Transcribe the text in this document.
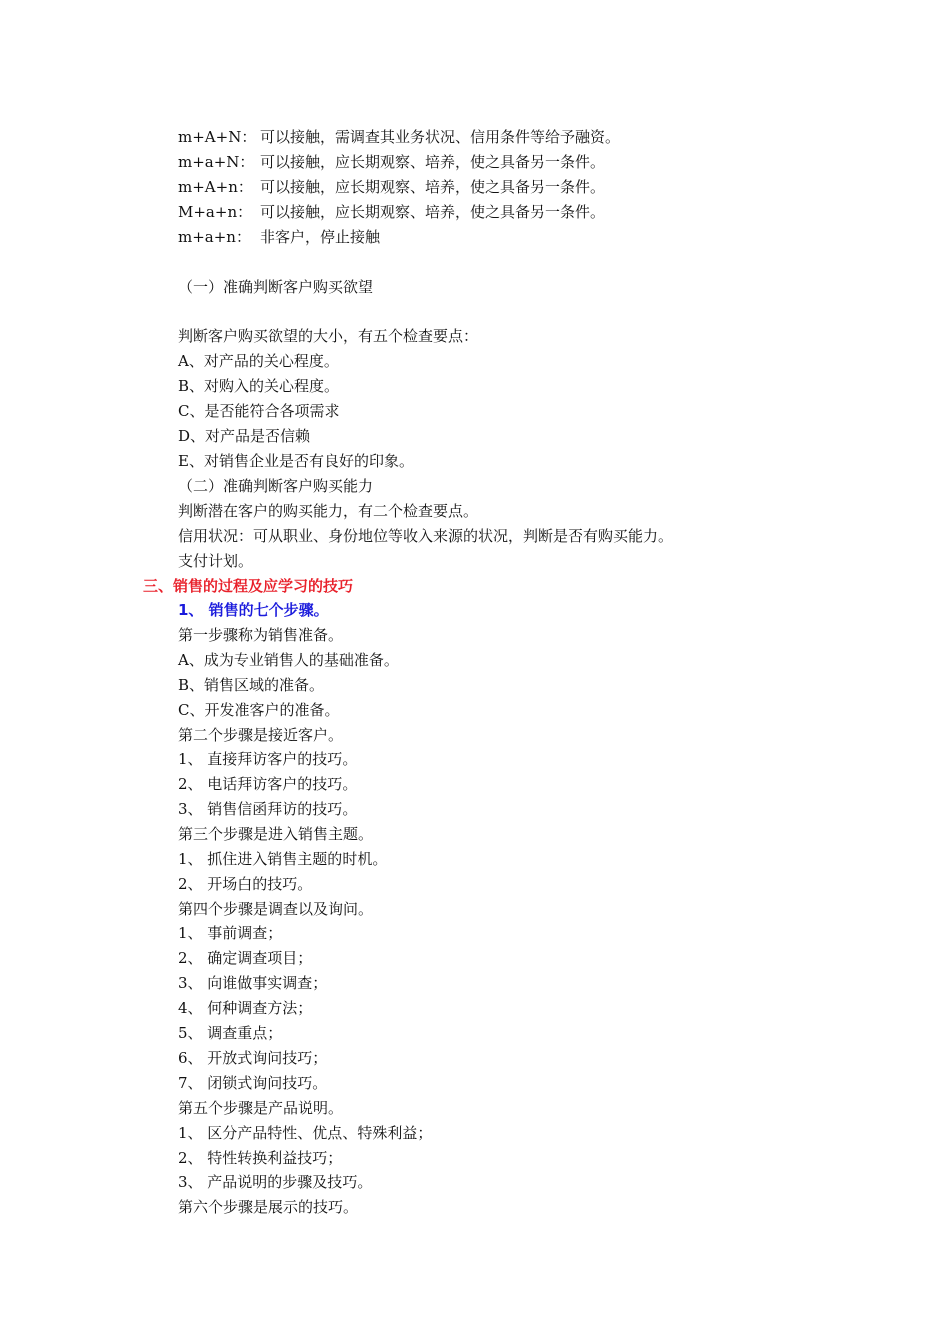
m+A+N： 可以接触，需调查其业务状况、信用条件等给予融资。
m+a+N： 可以接触，应长期观察、培养，使之具备另一条件。
m+A+n： 可以接触，应长期观察、培养，使之具备另一条件。
M+a+n： 可以接触，应长期观察、培养，使之具备另一条件。
m+a+n： 非客户，停止接触
（一）准确判断客户购买欲望
判断客户购买欲望的大小，有五个检查要点：
A、对产品的关心程度。
B、对购入的关心程度。
C、是否能符合各项需求
D、对产品是否信赖
E、对销售企业是否有良好的印象。
（二）准确判断客户购买能力
判断潜在客户的购买能力，有二个检查要点。
信用状况：可从职业、身份地位等收入来源的状况，判断是否有购买能力。
支付计划。
三、销售的过程及应学习的技巧
1、 销售的七个步骤。
第一步骤称为销售准备。
A、成为专业销售人的基础准备。
B、销售区域的准备。
C、开发准客户的准备。
第二个步骤是接近客户。
1、 直接拜访客户的技巧。
2、 电话拜访客户的技巧。
3、 销售信函拜访的技巧。
第三个步骤是进入销售主题。
1、 抓住进入销售主题的时机。
2、 开场白的技巧。
第四个步骤是调查以及询问。
1、 事前调查；
2、 确定调查项目；
3、 向谁做事实调查；
4、 何种调查方法；
5、 调查重点；
6、 开放式询问技巧；
7、 闭锁式询问技巧。
第五个步骤是产品说明。
1、 区分产品特性、优点、特殊利益；
2、 特性转换利益技巧；
3、 产品说明的步骤及技巧。
第六个步骤是展示的技巧。
